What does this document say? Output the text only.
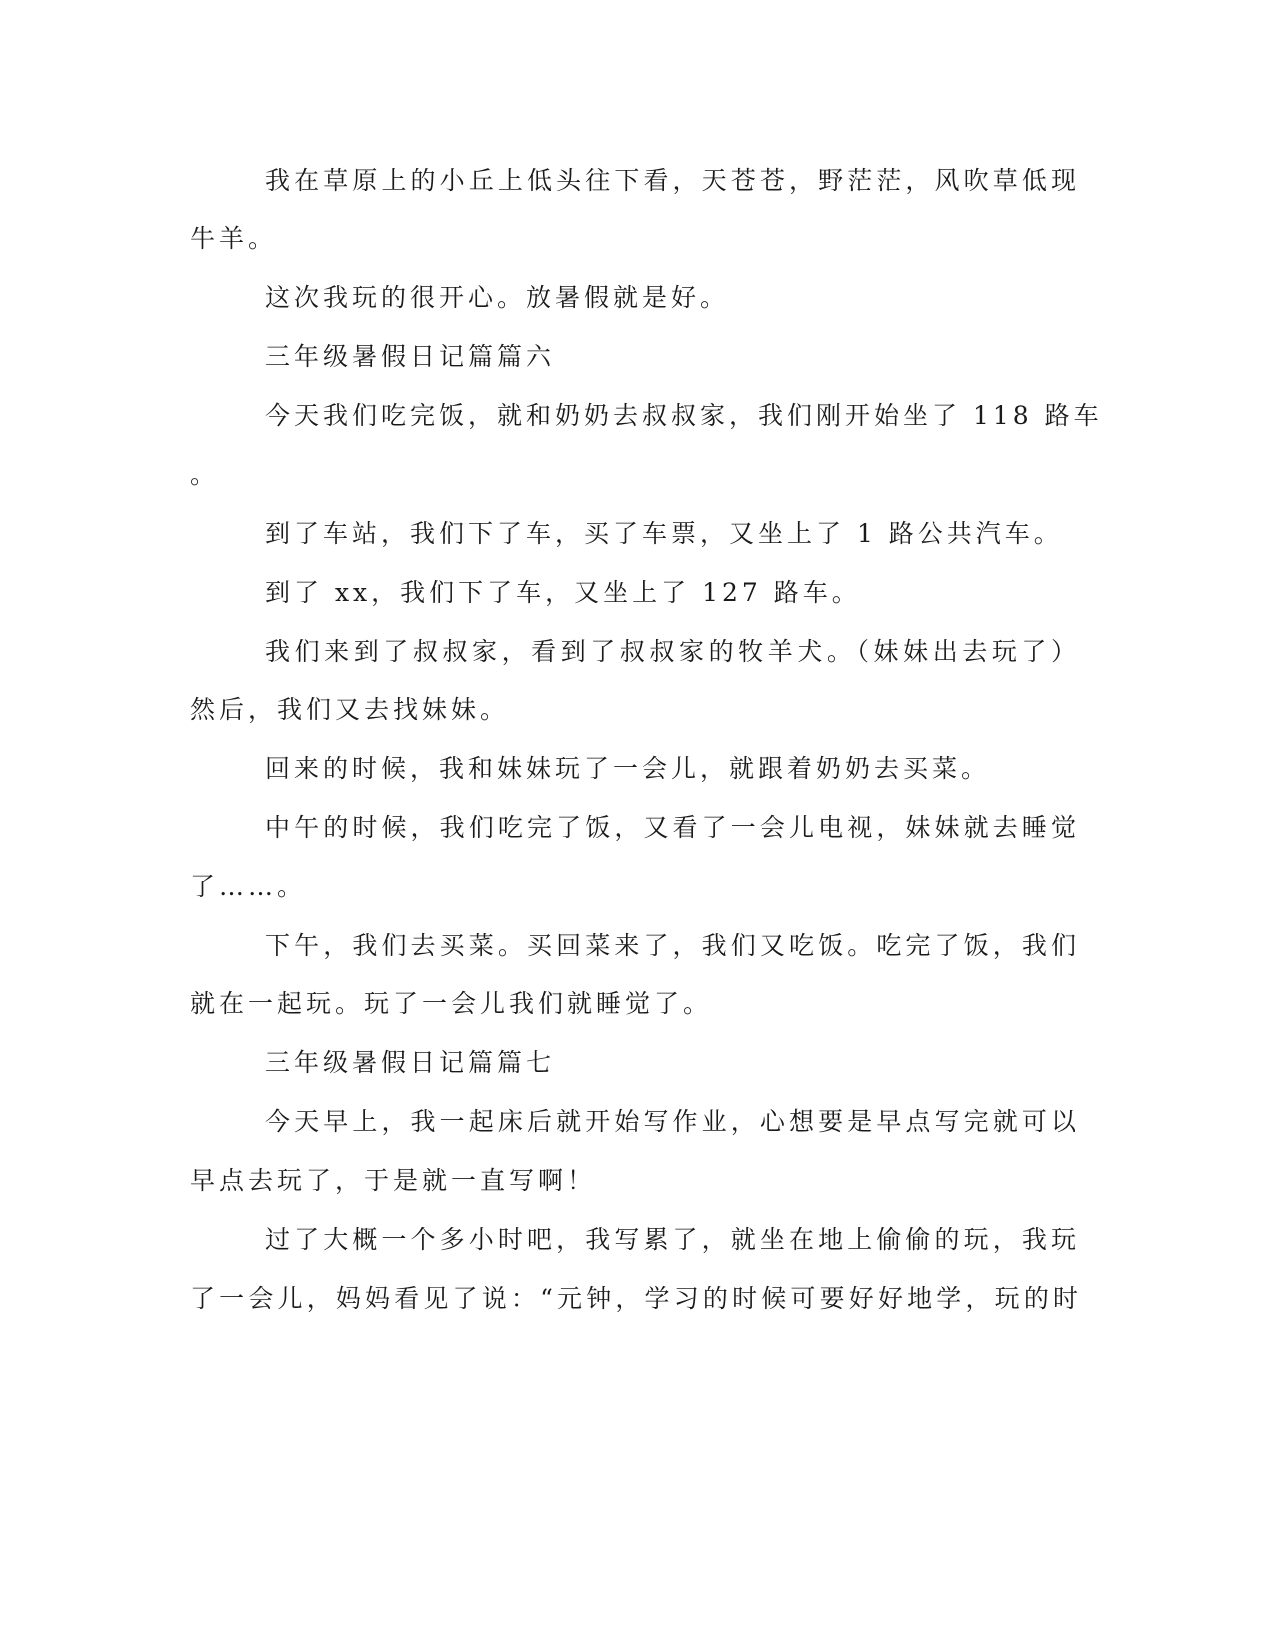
我在草原上的小丘上低头往下看，天苍苍，野茫茫，风吹草低现
牛羊。
这次我玩的很开心。放暑假就是好。
三年级暑假日记篇篇六
今天我们吃完饭，就和奶奶去叔叔家，我们刚开始坐了 118 路车
。
到了车站，我们下了车，买了车票，又坐上了 1 路公共汽车。
到了 xx，我们下了车，又坐上了 127 路车。
我们来到了叔叔家，看到了叔叔家的牧羊犬。（妹妹出去玩了）
然后，我们又去找妹妹。
回来的时候，我和妹妹玩了一会儿，就跟着奶奶去买菜。
中午的时候，我们吃完了饭，又看了一会儿电视，妹妹就去睡觉
了……。
下午，我们去买菜。买回菜来了，我们又吃饭。吃完了饭，我们
就在一起玩。玩了一会儿我们就睡觉了。
三年级暑假日记篇篇七
今天早上，我一起床后就开始写作业，心想要是早点写完就可以
早点去玩了，于是就一直写啊！
过了大概一个多小时吧，我写累了，就坐在地上偷偷的玩，我玩
了一会儿，妈妈看见了说：“元钟，学习的时候可要好好地学，玩的时
